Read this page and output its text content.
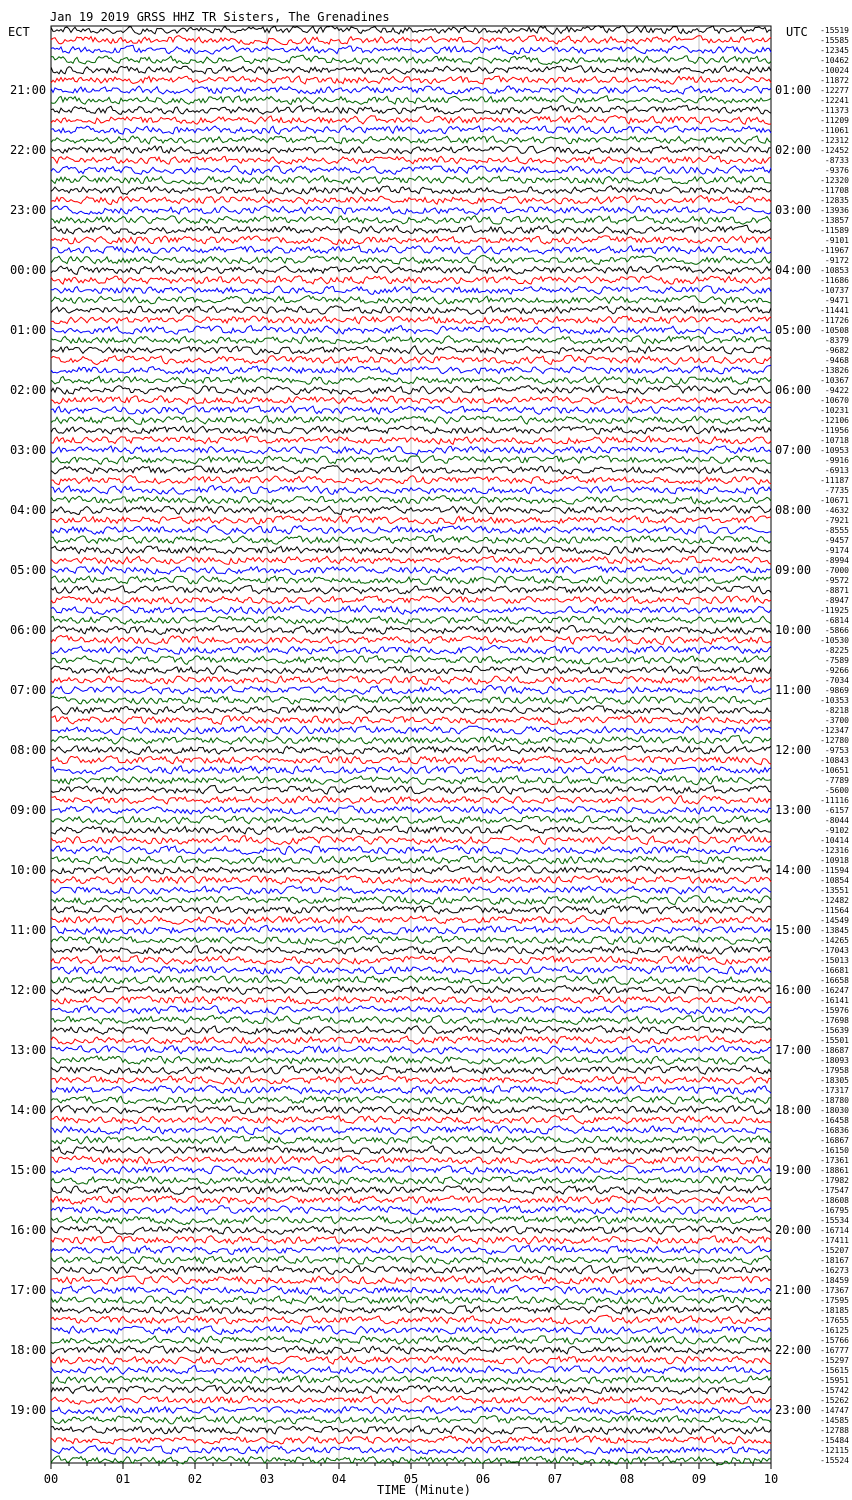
Jan 19 2019 GRSS HHZ TR Sisters, The Grenadines
ECT	UTC -15519
-15585
-12345
-10462
-10024
-11872
-12277
-12241
-11373
-11209
-11061
-12312
-12452
-8733
-9376
-12320
-11708
-12835
-13936
-13857
-11589
-9101
-11967
-9172
-10853
-11686
-10737
-9471
-11441
-11726
-10508
-8379
-9682
-9468
-13826
-10367
-9422
-10670
-10231
-12106
-11956
-10718
-10953
-9916
-6913
-11187
-7735
-10671
-4632
-7921
-8555
-9457
-9174
-8994
-7000
-9572
-8871
-8947
-11925
-6814
-5866
-10530
-8225
-7589
-9266
-7034
-9869
-10353
-8218
-3700
-12347
-12780
-9753
-10843
-10651
-7789
-5600
-11116
-6157
-8044
-9102
-10414
-12316
-10918
-11594
-10854
-13551
-12482
-11564
-14549
-13845
-14265
-17043
-15013
-16681
-16658
-16247
-16141
-15976
-17698
-15639
-15501
-18687
-18093
-17958
-18305
-17317
-18780
-18030
-16458
-16836
-16867
-16150
-17361
-18861
-17982
-17547
-18608
-16795
-15534
-16714
-17411
-15207
-18167
-16273
-18459
-17367
-17595
-18185
-17655
-16125
-15766
-16777
-15297
-15615
-15951
-15742
-15262
-14747
-14585
-12788
-15484
-12115
-15524
21:00
22:00
23:00
00:00
01:00
02:00
03:00
04:00
05:00
06:00
07:00
08:00
09:00
10:00
11:00
12:00
13:00
14:00
15:00
16:00
17:00
18:00
19:00
01:00
02:00
03:00
04:00
05:00
06:00
07:00
08:00
09:00
10:00
11:00
12:00
13:00
14:00
15:00
16:00
17:00
18:00
19:00
20:00
21:00
22:00
23:00
00	01	02	03	04	05	06	07	08	09	10
TIME (Minute)
